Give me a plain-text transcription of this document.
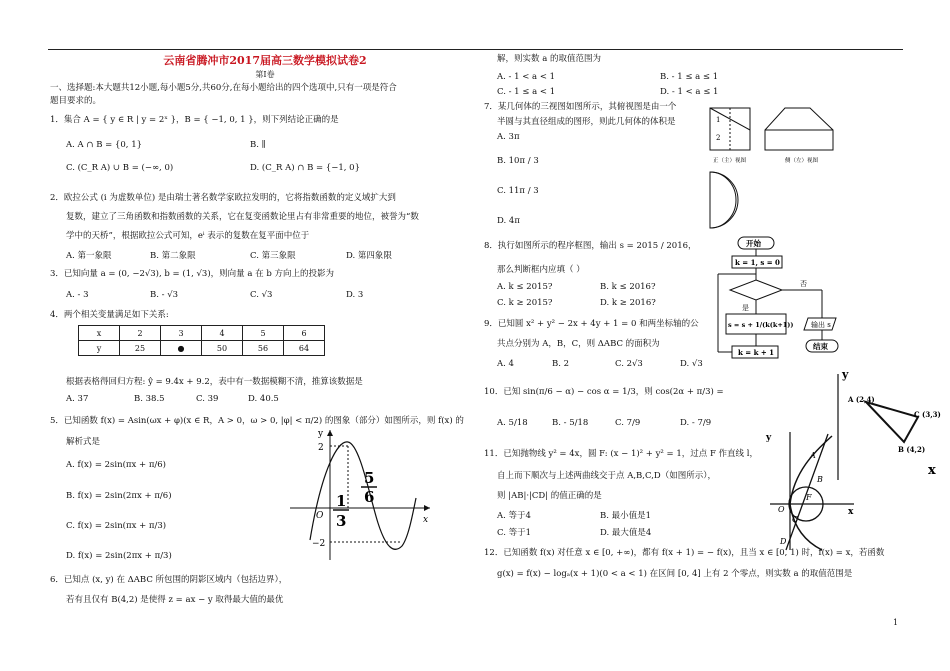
云南省腾冲市2017届高三数学模拟试卷2
第Ⅰ卷

一、选择题:本大题共12小题,每小题5分,共60分,在每小题给出的四个选项中,只有一项是符合

题目要求的。

1．集合 A = { y ∈ R | y = 2ˣ }，B = { −1, 0, 1 }，则下列结论正确的是
A. A ∩ B = {0, 1}	B. ∥
C. (C_R A) ∪ B = (−∞, 0)	D. (C_R A) ∩ B = {−1, 0}
2．欧拉公式 (i 为虚数单位) 是由瑞士著名数学家欧拉发明的，它将指数函数的定义域扩大到
复数，建立了三角函数和指数函数的关系，它在复变函数论里占有非常重要的地位，被誉为“数
学中的天桥”，根据欧拉公式可知，eⁱ 表示的复数在复平面中位于
A. 第一象限	B. 第二象限	C. 第三象限	D. 第四象限
3．已知向量 a = (0, −2√3), b = (1, √3)，则向量 a 在 b 方向上的投影为
A. - 3	B. - √3	C. √3	D. 3
4．两个相关变量满足如下关系:
x	2	3	4	5	6
y	25	●	50	56	64
根据表格得回归方程: ŷ = 9.4x + 9.2，表中有一数据模糊不清，推算该数据是
A. 37	B. 38.5	C. 39	D. 40.5
5．已知函数 f(x) = Asin(ωx + φ)(x ∈ R，A > 0，ω > 0, |φ| < π/2) 的图象（部分）如图所示，则 f(x) 的
解析式是
A. f(x) = 2sin(πx + π/6)
B. f(x) = 2sin(2πx + π/6)
C. f(x) = 2sin(πx + π/3)
D. f(x) = 2sin(2πx + π/3)
y
x
O
2
−2
5
6
1
3
6．已知点 (x, y) 在 ΔABC 所包围的阴影区域内（包括边界），
若有且仅有 B(4,2) 是使得 z = ax − y 取得最大值的最优
解，则实数 a 的取值范围为
A. - 1 < a < 1	B. - 1 ≤ a ≤ 1
C. - 1 ≤ a < 1	D. - 1 < a ≤ 1
7．某几何体的三视图如图所示，其俯视图是由一个
半圆与其直径组成的图形，则此几何体的体积是
A. 3π
B. 10π / 3
C. 11π / 3
D. 4π
1
2
正（主）视图	侧（左）视图
8．执行如图所示的程序框图，输出 s = 2015 / 2016，
那么判断框内应填（ ）
A. k ≤ 2015?	B. k ≤ 2016?
C. k ≥ 2015?	D. k ≥ 2016?
开始
k = 1, s = 0
否
是
s = s + 1/(k(k+1))
k = k + 1
输出 s
结束
9．已知圆 x² + y² − 2x + 4y + 1 = 0 和两坐标轴的公
共点分别为 A，B，C，则 ΔABC 的面积为
A. 4	B. 2	C. 2√3	D. √3
10．已知 sin(π/6 − α) − cos α = 1/3，则 cos(2α + π/3) =
A. 5/18	B. - 5/18	C. 7/9	D. - 7/9
y
A (2,4)
C (3,3)
B (4,2)
x
11．已知抛物线 y² = 4x，圆 F: (x − 1)² + y² = 1，过点 F 作直线 l，
自上而下顺次与上述两曲线交于点 A,B,C,D（如图所示），
则 |AB|·|CD| 的值正确的是
A. 等于4	B. 最小值是1
C. 等于1	D. 最大值是4
y
x
A
B
F
C
D
O
12．已知函数 f(x) 对任意 x ∈ [0, +∞)，都有 f(x + 1) = − f(x)，且当 x ∈ [0, 1) 时，f(x) = x，若函数
g(x) = f(x) − logₐ(x + 1)(0 < a < 1) 在区间 [0, 4] 上有 2 个零点，则实数 a 的取值范围是
1
